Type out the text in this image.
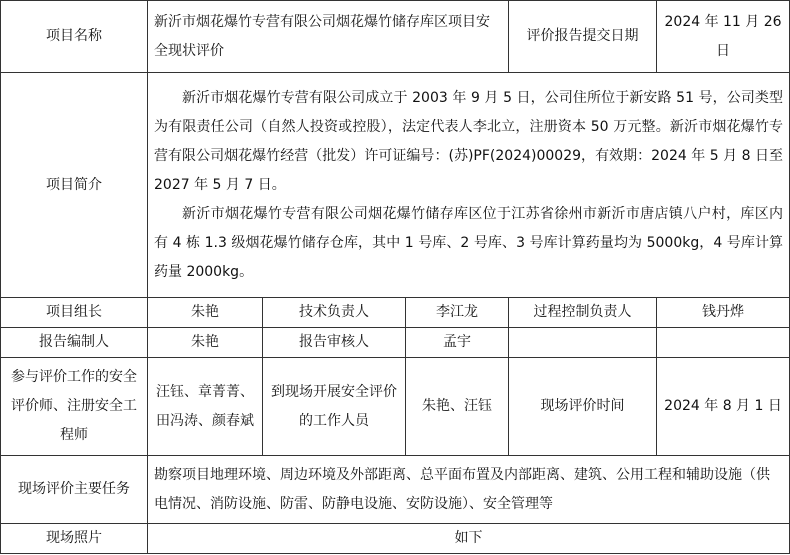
项目名称	新沂市烟花爆竹专营有限公司烟花爆竹储存库区项目安全现状评价			评价报告提交日期	2024 年 11 月 26 日
项目简介	新沂市烟花爆竹专营有限公司成立于 2003 年 9 月 5 日，公司住所位于新安路 51 号，公司类型为有限责任公司（自然人投资或控股），法定代表人李北立，注册资本 50 万元整。新沂市烟花爆竹专营有限公司烟花爆竹经营（批发）许可证编号：(苏)PF(2024)00029，有效期：2024 年 5 月 8 日至 2027 年 5 月 7 日。
新沂市烟花爆竹专营有限公司烟花爆竹储存库区位于江苏省徐州市新沂市唐店镇八户村，库区内有 4 栋 1.3 级烟花爆竹储存仓库，其中 1 号库、2 号库、3 号库计算药量均为 5000kg，4 号库计算药量 2000kg。				

项目组长	朱艳	技术负责人	李江龙	过程控制负责人	钱丹烨
报告编制人	朱艳	报告审核人	孟宇		
参与评价工作的安全评价师、注册安全工程师	汪钰、章菁菁、田冯涛、颜春斌	到现场开展安全评价的工作人员	朱艳、汪钰	现场评价时间	2024 年 8 月 1 日
现场评价主要任务	勘察项目地理环境、周边环境及外部距离、总平面布置及内部距离、建筑、公用工程和辅助设施（供电情况、消防设施、防雷、防静电设施、安防设施）、安全管理等				
现场照片	如下				
